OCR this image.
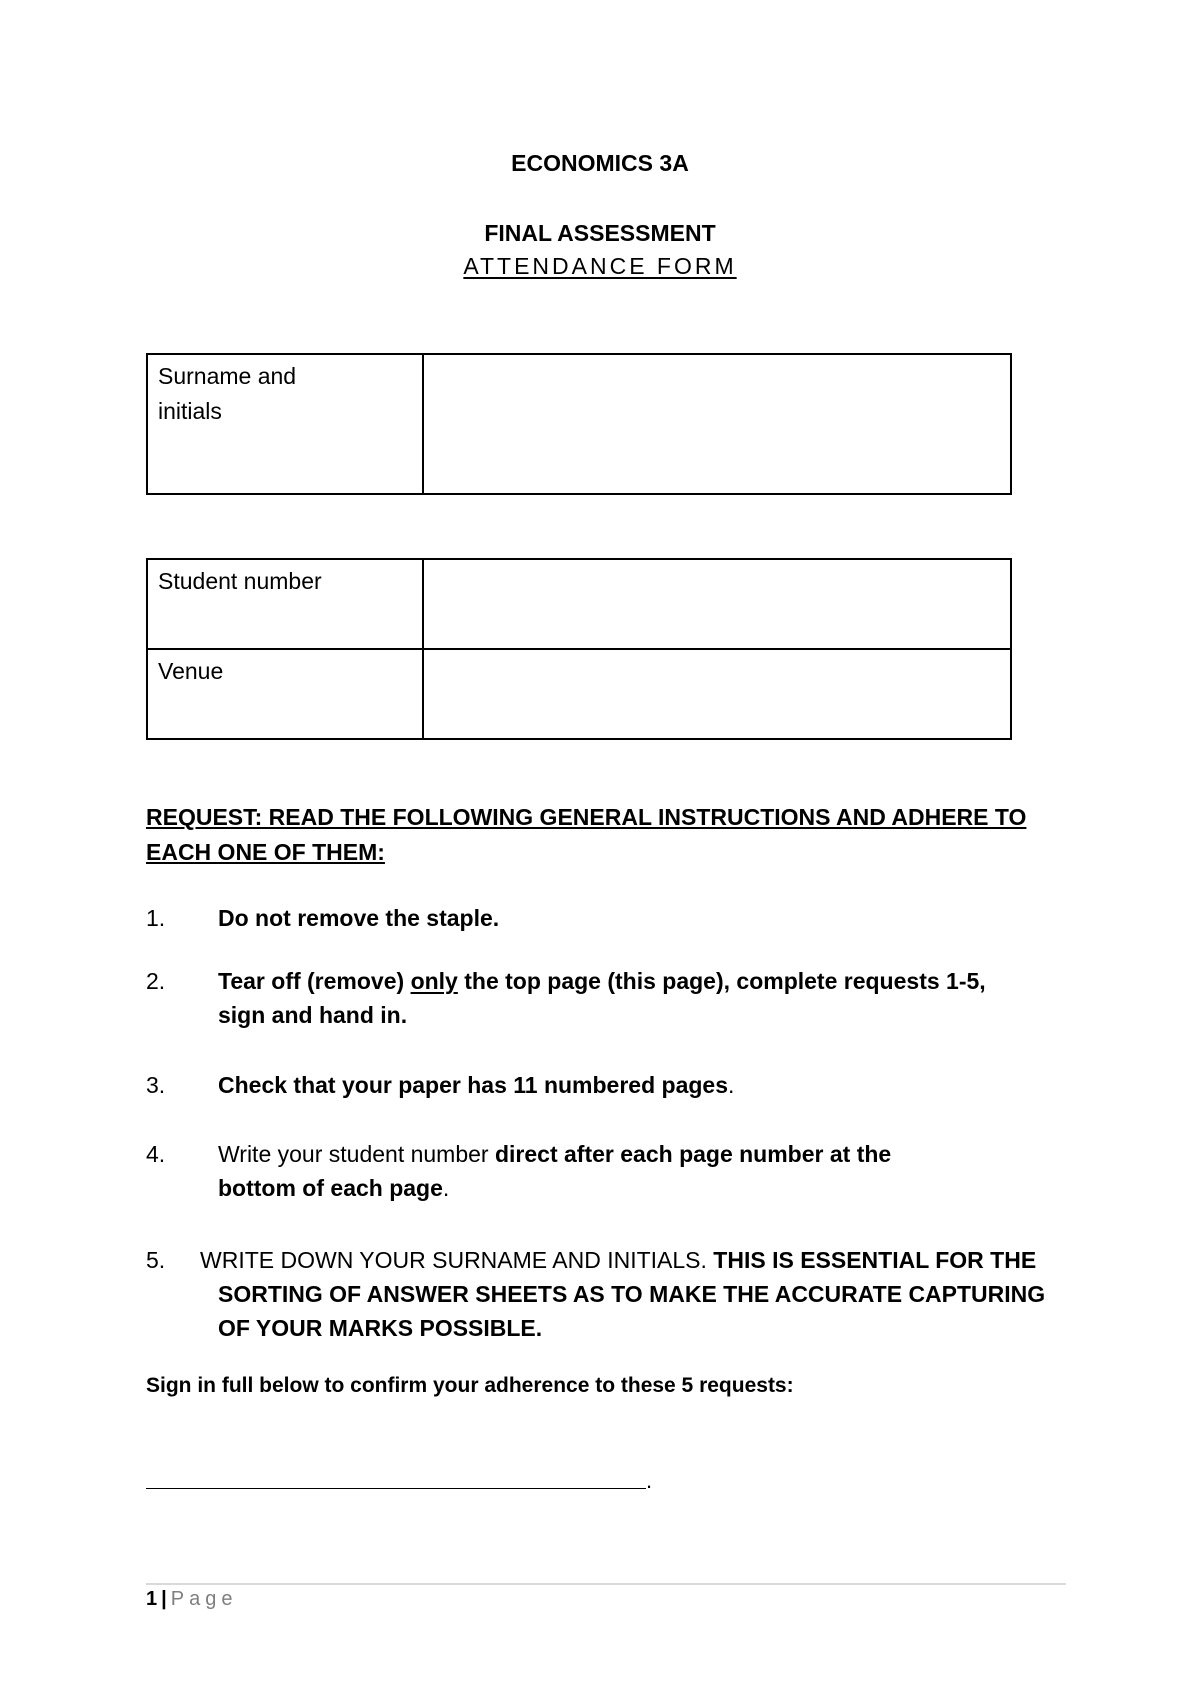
ECONOMICS 3A
FINAL ASSESSMENT
ATTENDANCE FORM
Surname and
initials	
Student number	
Venue	
REQUEST: READ THE FOLLOWING GENERAL INSTRUCTIONS AND ADHERE TO
EACH ONE OF THEM:
1. Do not remove the staple.
2. Tear off (remove) only the top page (this page), complete requests 1-5,
sign and hand in.
3. Check that your paper has 11 numbered pages.
4. Write your student number direct after each page number at the
bottom of each page.
5.	WRITE DOWN YOUR SURNAME AND INITIALS. THIS IS ESSENTIAL FOR THE
SORTING OF ANSWER SHEETS AS TO MAKE THE ACCURATE CAPTURING
OF YOUR MARKS POSSIBLE.
Sign in full below to confirm your adherence to these 5 requests:
.
1 | Page
